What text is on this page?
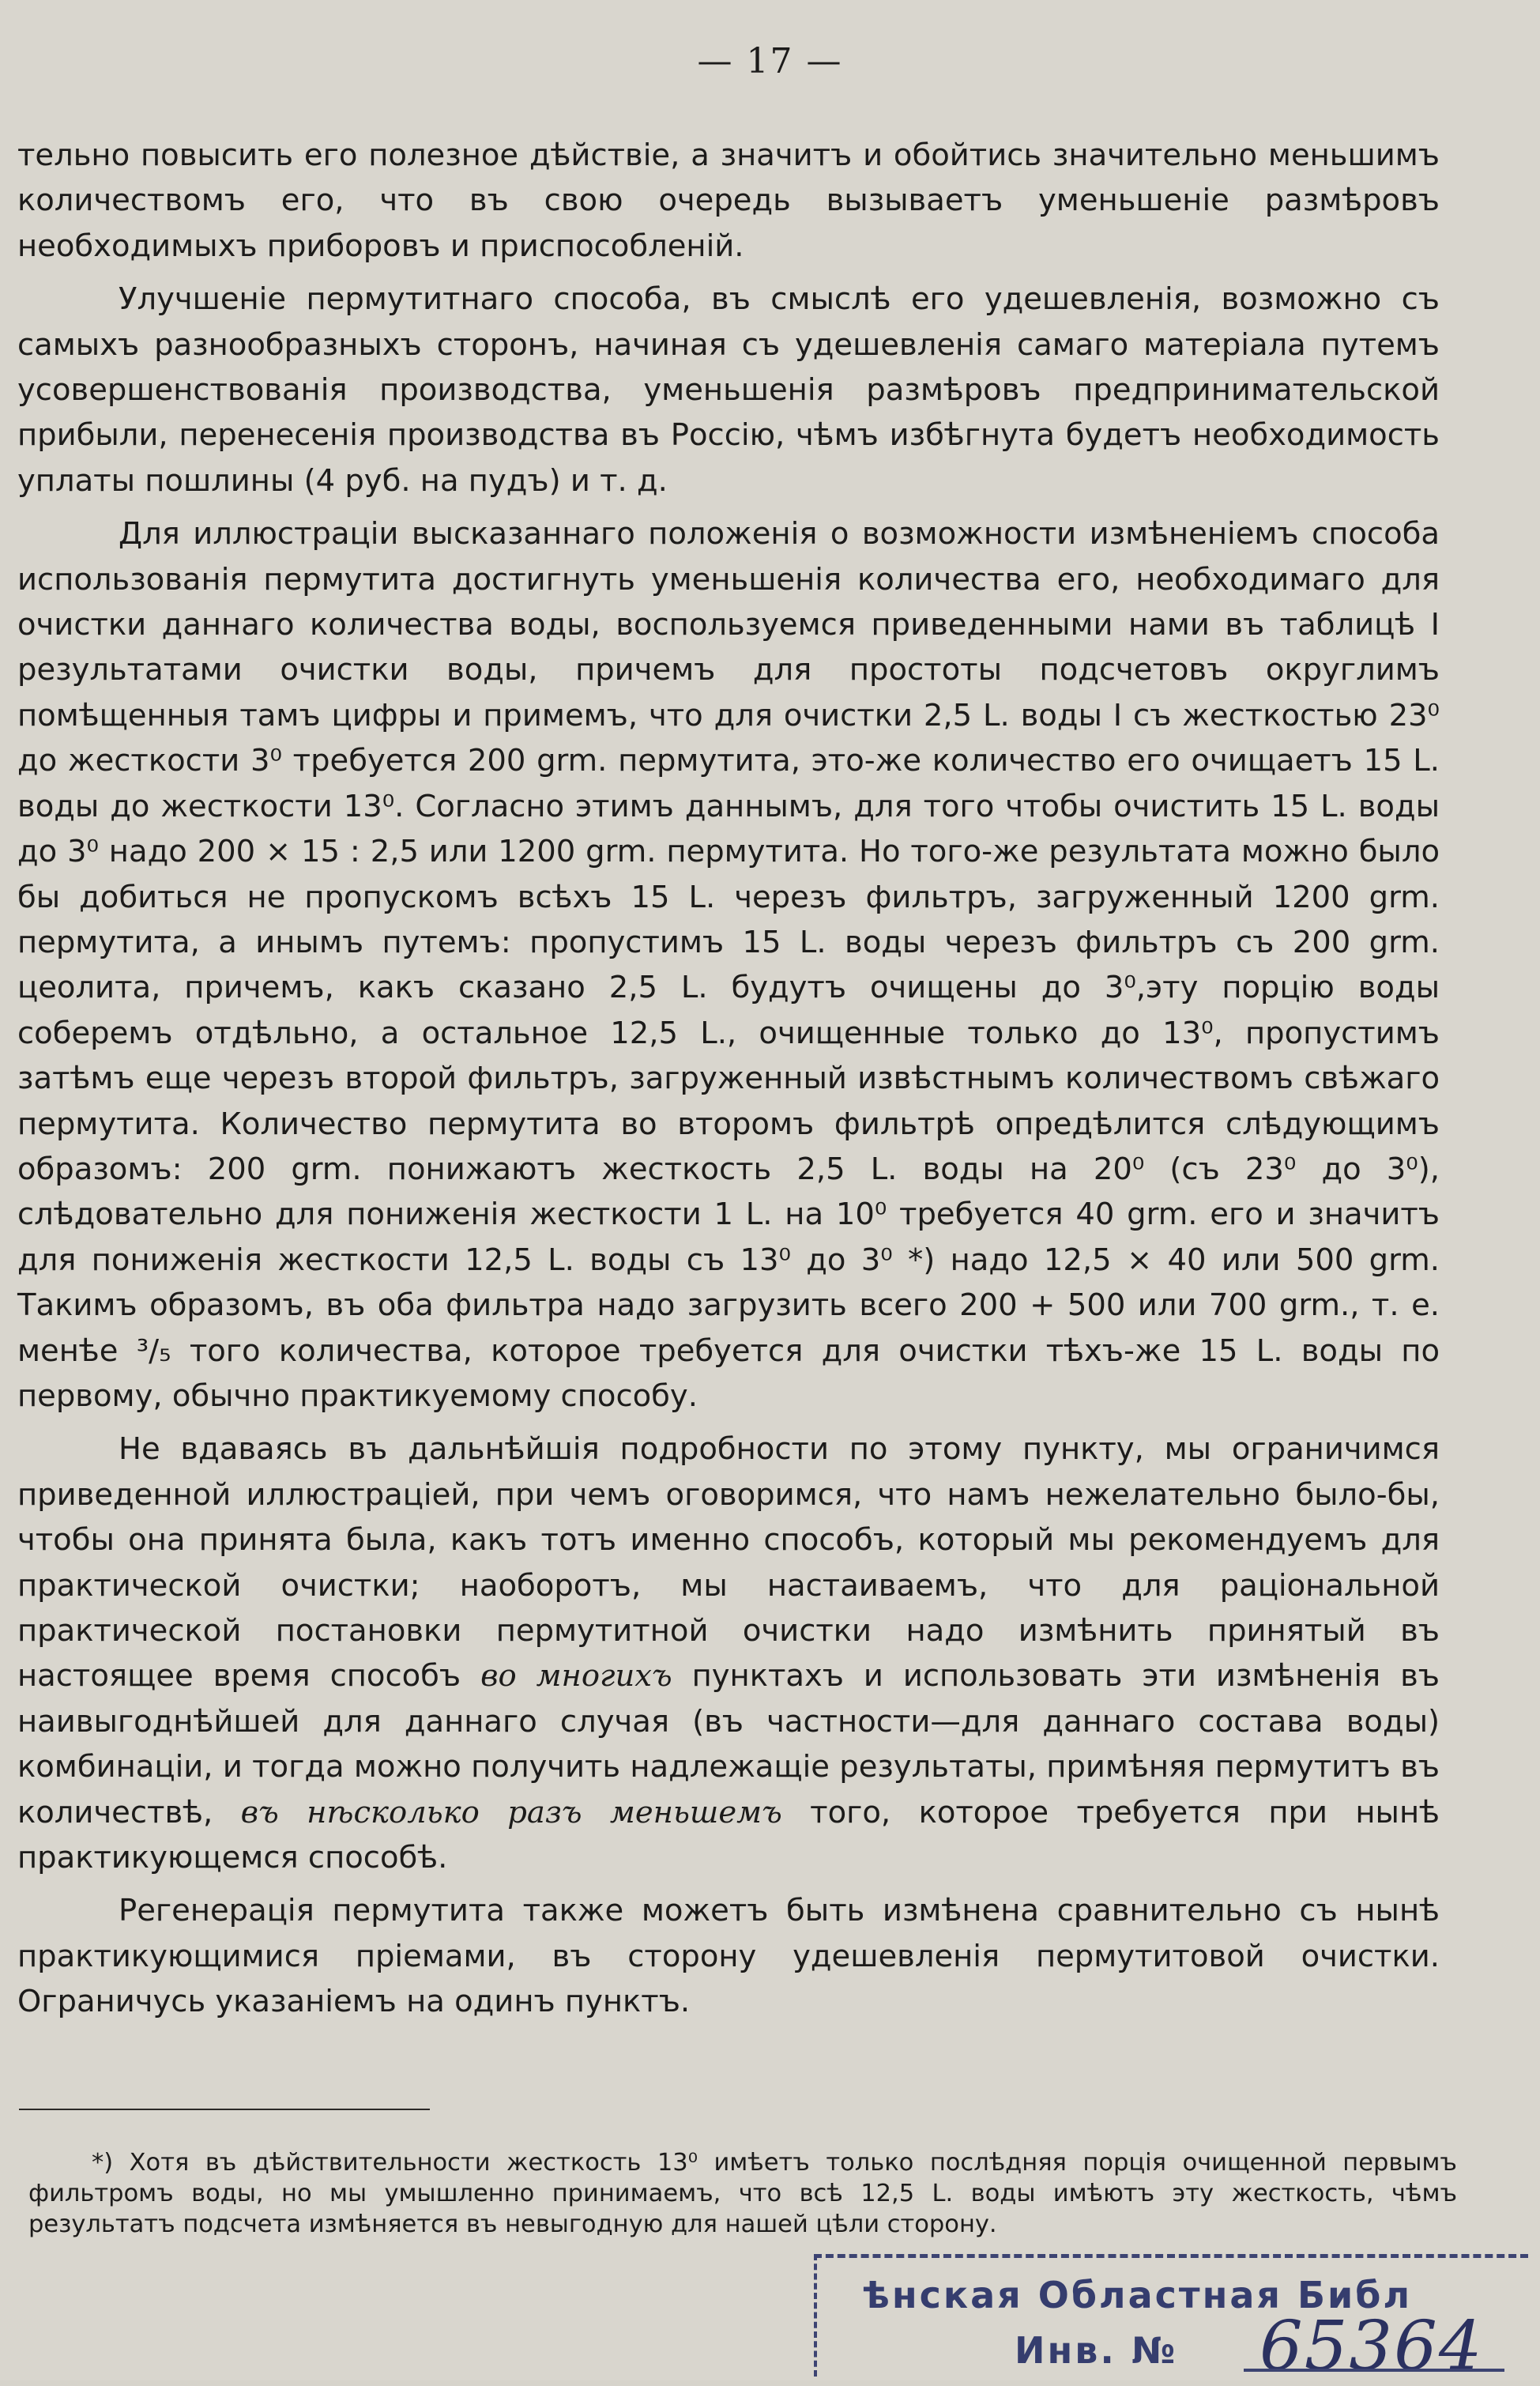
— 17 —

тельно повысить его полезное дѣйствіе, а значитъ и обойтись значительно меньшимъ количествомъ его, что въ свою очередь вызываетъ уменьшеніе размѣровъ необходимыхъ приборовъ и приспособленій.

Улучшеніе пермутитнаго способа, въ смыслѣ его удешевленія, возможно съ самыхъ разнообразныхъ сторонъ, начиная съ удешевленія самаго матеріала путемъ усовершенствованія производства, уменьшенія размѣровъ предпринимательской прибыли, перенесенія производства въ Россію, чѣмъ избѣгнута будетъ необходимость уплаты пошлины (4 руб. на пудъ) и т. д.

Для иллюстраціи высказаннаго положенія о возможности измѣненіемъ способа использованія пермутита достигнуть уменьшенія количества его, необходимаго для очистки даннаго количества воды, воспользуемся приведенными нами въ таблицѣ I результатами очистки воды, причемъ для простоты подсчетовъ округлимъ помѣщенныя тамъ цифры и примемъ, что для очистки 2,5 L. воды I съ жесткостью 23⁰ до жесткости 3⁰ требуется 200 grm. пермутита, это-же количество его очищаетъ 15 L. воды до жесткости 13⁰. Согласно этимъ даннымъ, для того чтобы очистить 15 L. воды до 3⁰ надо 200 × 15 : 2,5 или 1200 grm. пермутита. Но того-же результата можно было бы добиться не пропускомъ всѣхъ 15 L. черезъ фильтръ, загруженный 1200 grm. пермутита, а инымъ путемъ: пропустимъ 15 L. воды черезъ фильтръ съ 200 grm. цеолита, причемъ, какъ сказано 2,5 L. будутъ очищены до 3⁰,эту порцію воды соберемъ отдѣльно, а остальное 12,5 L., очищенные только до 13⁰, пропустимъ затѣмъ еще черезъ второй фильтръ, загруженный извѣстнымъ количествомъ свѣжаго пермутита. Количество пермутита во второмъ фильтрѣ опредѣлится слѣдующимъ образомъ: 200 grm. понижаютъ жесткость 2,5 L. воды на 20⁰ (съ 23⁰ до 3⁰), слѣдовательно для пониженія жесткости 1 L. на 10⁰ требуется 40 grm. его и значитъ для пониженія жесткости 12,5 L. воды съ 13⁰ до 3⁰ *) надо 12,5 × 40 или 500 grm. Такимъ образомъ, въ оба фильтра надо загрузить всего 200 + 500 или 700 grm., т. е. менѣе ³/₅ того количества, которое требуется для очистки тѣхъ-же 15 L. воды по первому, обычно практикуемому способу.

Не вдаваясь въ дальнѣйшія подробности по этому пункту, мы ограничимся приведенной иллюстраціей, при чемъ оговоримся, что намъ нежелательно было-бы, чтобы она принята была, какъ тотъ именно способъ, который мы рекомендуемъ для практической очистки; наоборотъ, мы настаиваемъ, что для раціональной практической постановки пермутитной очистки надо измѣнить принятый въ настоящее время способъ во многихъ пунктахъ и использовать эти измѣненія въ наивыгоднѣйшей для даннаго случая (въ частности—для даннаго состава воды) комбинаціи, и тогда можно получить надлежащіе результаты, примѣняя пермутитъ въ количествѣ, въ нѣсколько разъ меньшемъ того, которое требуется при нынѣ практикующемся способѣ.

Регенерація пермутита также можетъ быть измѣнена сравнительно съ нынѣ практикующимися пріемами, въ сторону удешевленія пермутитовой очистки. Ограничусь указаніемъ на одинъ пунктъ.

*) Хотя въ дѣйствительности жесткость 13⁰ имѣетъ только послѣдняя порція очищенной первымъ фильтромъ воды, но мы умышленно принимаемъ, что всѣ 12,5 L. воды имѣютъ эту жесткость, чѣмъ результатъ подсчета измѣняется въ невыгодную для нашей цѣли сторону.

ѣнская Областная Библ
Инв. № 65364
